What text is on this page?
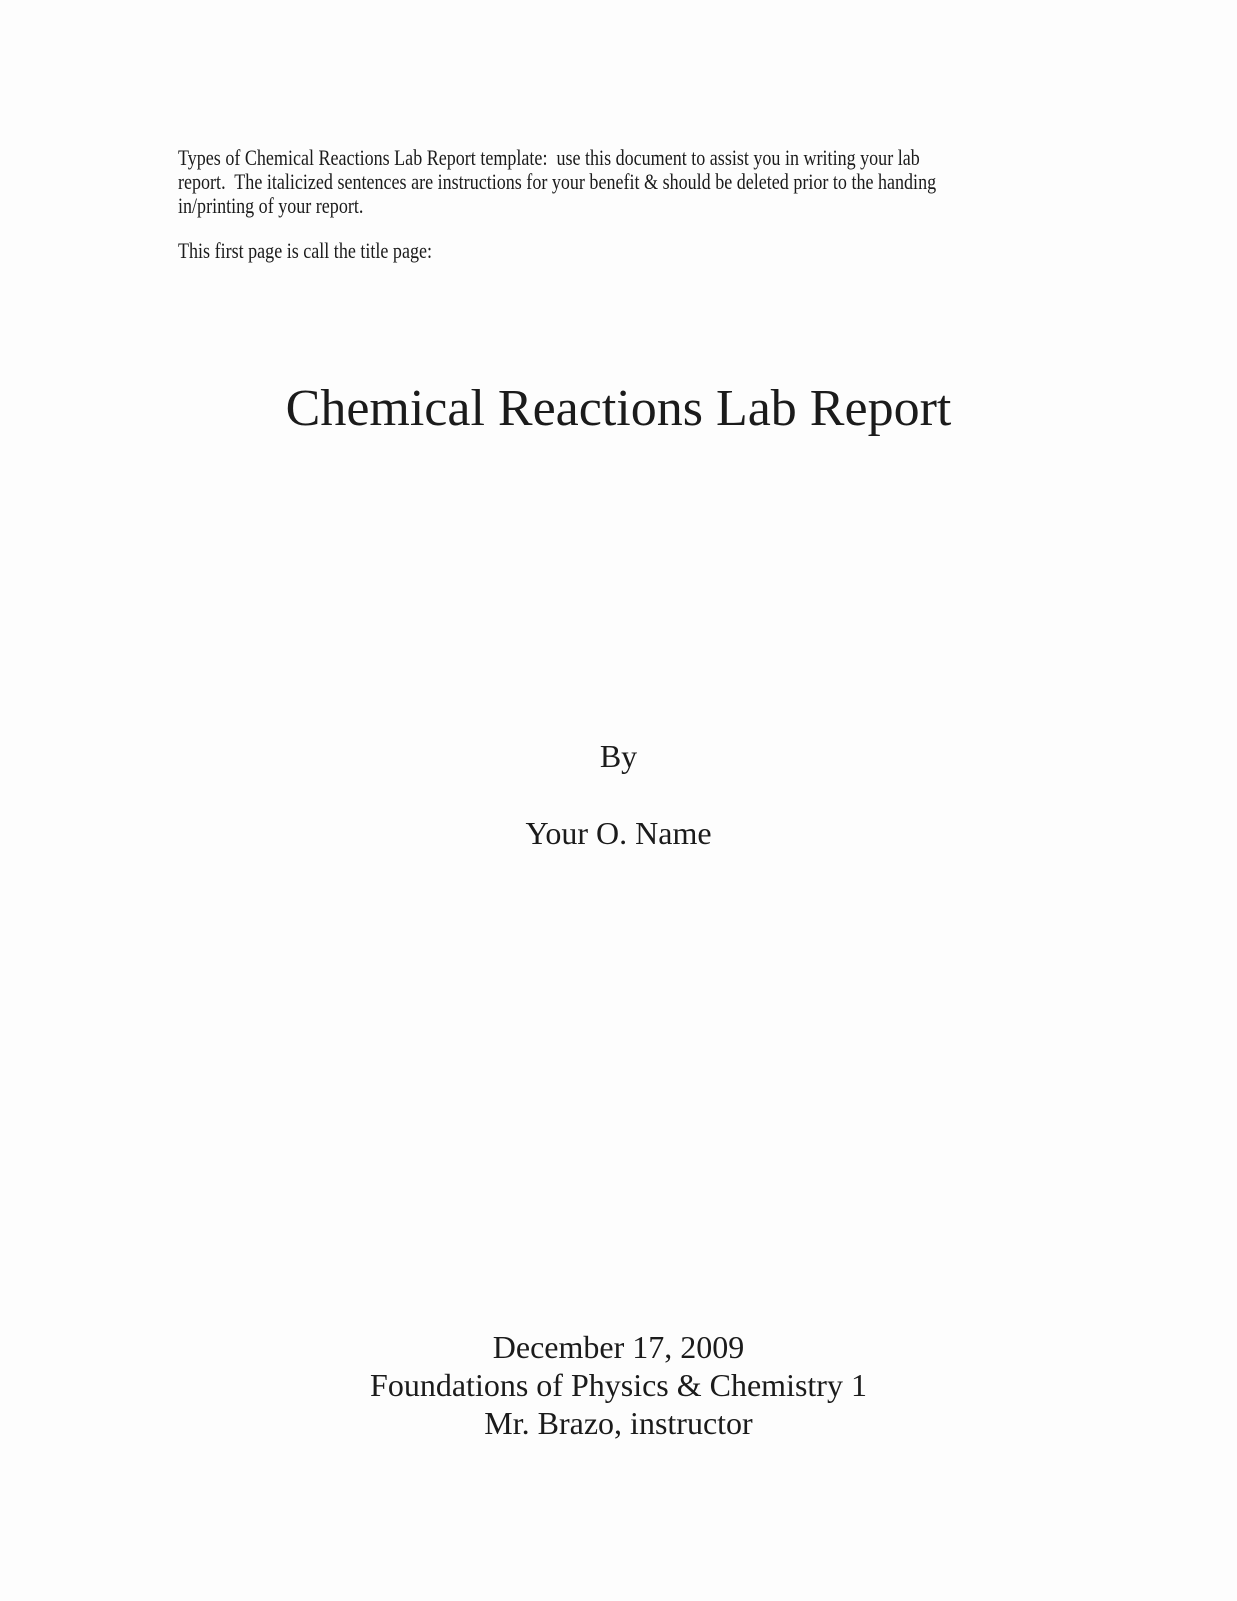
Types of Chemical Reactions Lab Report template:  use this document to assist you in writing your lab
report.  The italicized sentences are instructions for your benefit & should be deleted prior to the handing
in/printing of your report.
This first page is call the title page:
Chemical Reactions Lab Report
By
Your O. Name
December 17, 2009
Foundations of Physics & Chemistry 1
Mr. Brazo, instructor
